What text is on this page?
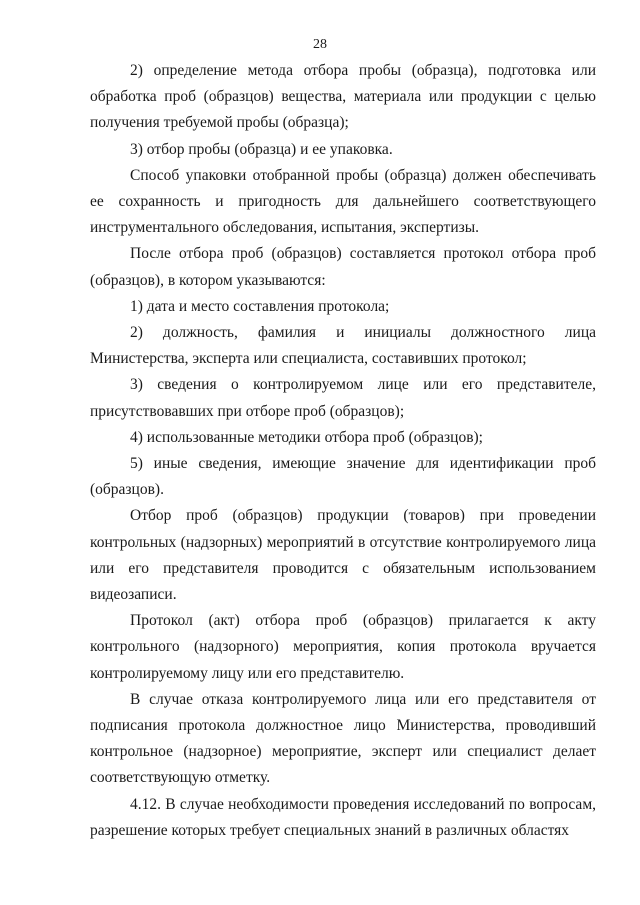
28

2) определение метода отбора пробы (образца), подготовка или обработка проб (образцов) вещества, материала или продукции с целью получения требуемой пробы (образца);

3) отбор пробы (образца) и ее упаковка.

Способ упаковки отобранной пробы (образца) должен обеспечивать ее сохранность и пригодность для дальнейшего соответствующего инструментального обследования, испытания, экспертизы.

После отбора проб (образцов) составляется протокол отбора проб (образцов), в котором указываются:

1) дата и место составления протокола;

2) должность, фамилия и инициалы должностного лица Министерства, эксперта или специалиста, составивших протокол;

3) сведения о контролируемом лице или его представителе, присутствовавших при отборе проб (образцов);

4) использованные методики отбора проб (образцов);

5) иные сведения, имеющие значение для идентификации проб (образцов).

Отбор проб (образцов) продукции (товаров) при проведении контрольных (надзорных) мероприятий в отсутствие контролируемого лица или его представителя проводится с обязательным использованием видеозаписи.

Протокол (акт) отбора проб (образцов) прилагается к акту контрольного (надзорного) мероприятия, копия протокола вручается контролируемому лицу или его представителю.

В случае отказа контролируемого лица или его представителя от подписания протокола должностное лицо Министерства, проводивший контрольное (надзорное) мероприятие, эксперт или специалист делает соответствующую отметку.

4.12. В случае необходимости проведения исследований по вопросам, разрешение которых требует специальных знаний в различных областях
